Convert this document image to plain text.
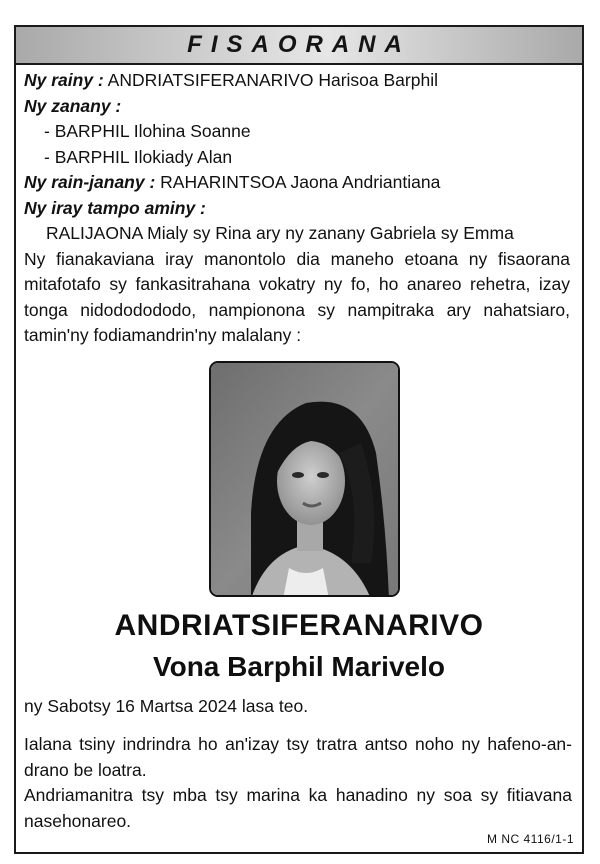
FISAORANA
Ny rainy : ANDRIATSIFERANARIVO Harisoa Barphil
Ny zanany :
- BARPHIL Ilohina Soanne
- BARPHIL Ilokiady Alan
Ny rain-janany : RAHARINTSOA Jaona Andriantiana
Ny iray tampo aminy :
RALIJAONA Mialy sy Rina ary ny zanany Gabriela sy Emma
Ny fianakaviana iray manontolo dia maneho etoana ny fisaorana mitafotafo sy fankasitrahana vokatry ny fo, ho anareo rehetra, izay tonga nidododododo, nampionona sy nampitraka ary nahatsiaro, tamin'ny fodiamandrin'ny malalany :
ANDRIATSIFERANARIVO
Vona Barphil Marivelo
ny Sabotsy 16 Martsa 2024 lasa teo.
Ialana tsiny indrindra ho an'izay tsy tratra antso noho ny hafeno-an-drano be loatra.
Andriamanitra tsy mba tsy marina ka hanadino ny soa sy fitiavana nasehonareo.
M NC 4116/1-1
